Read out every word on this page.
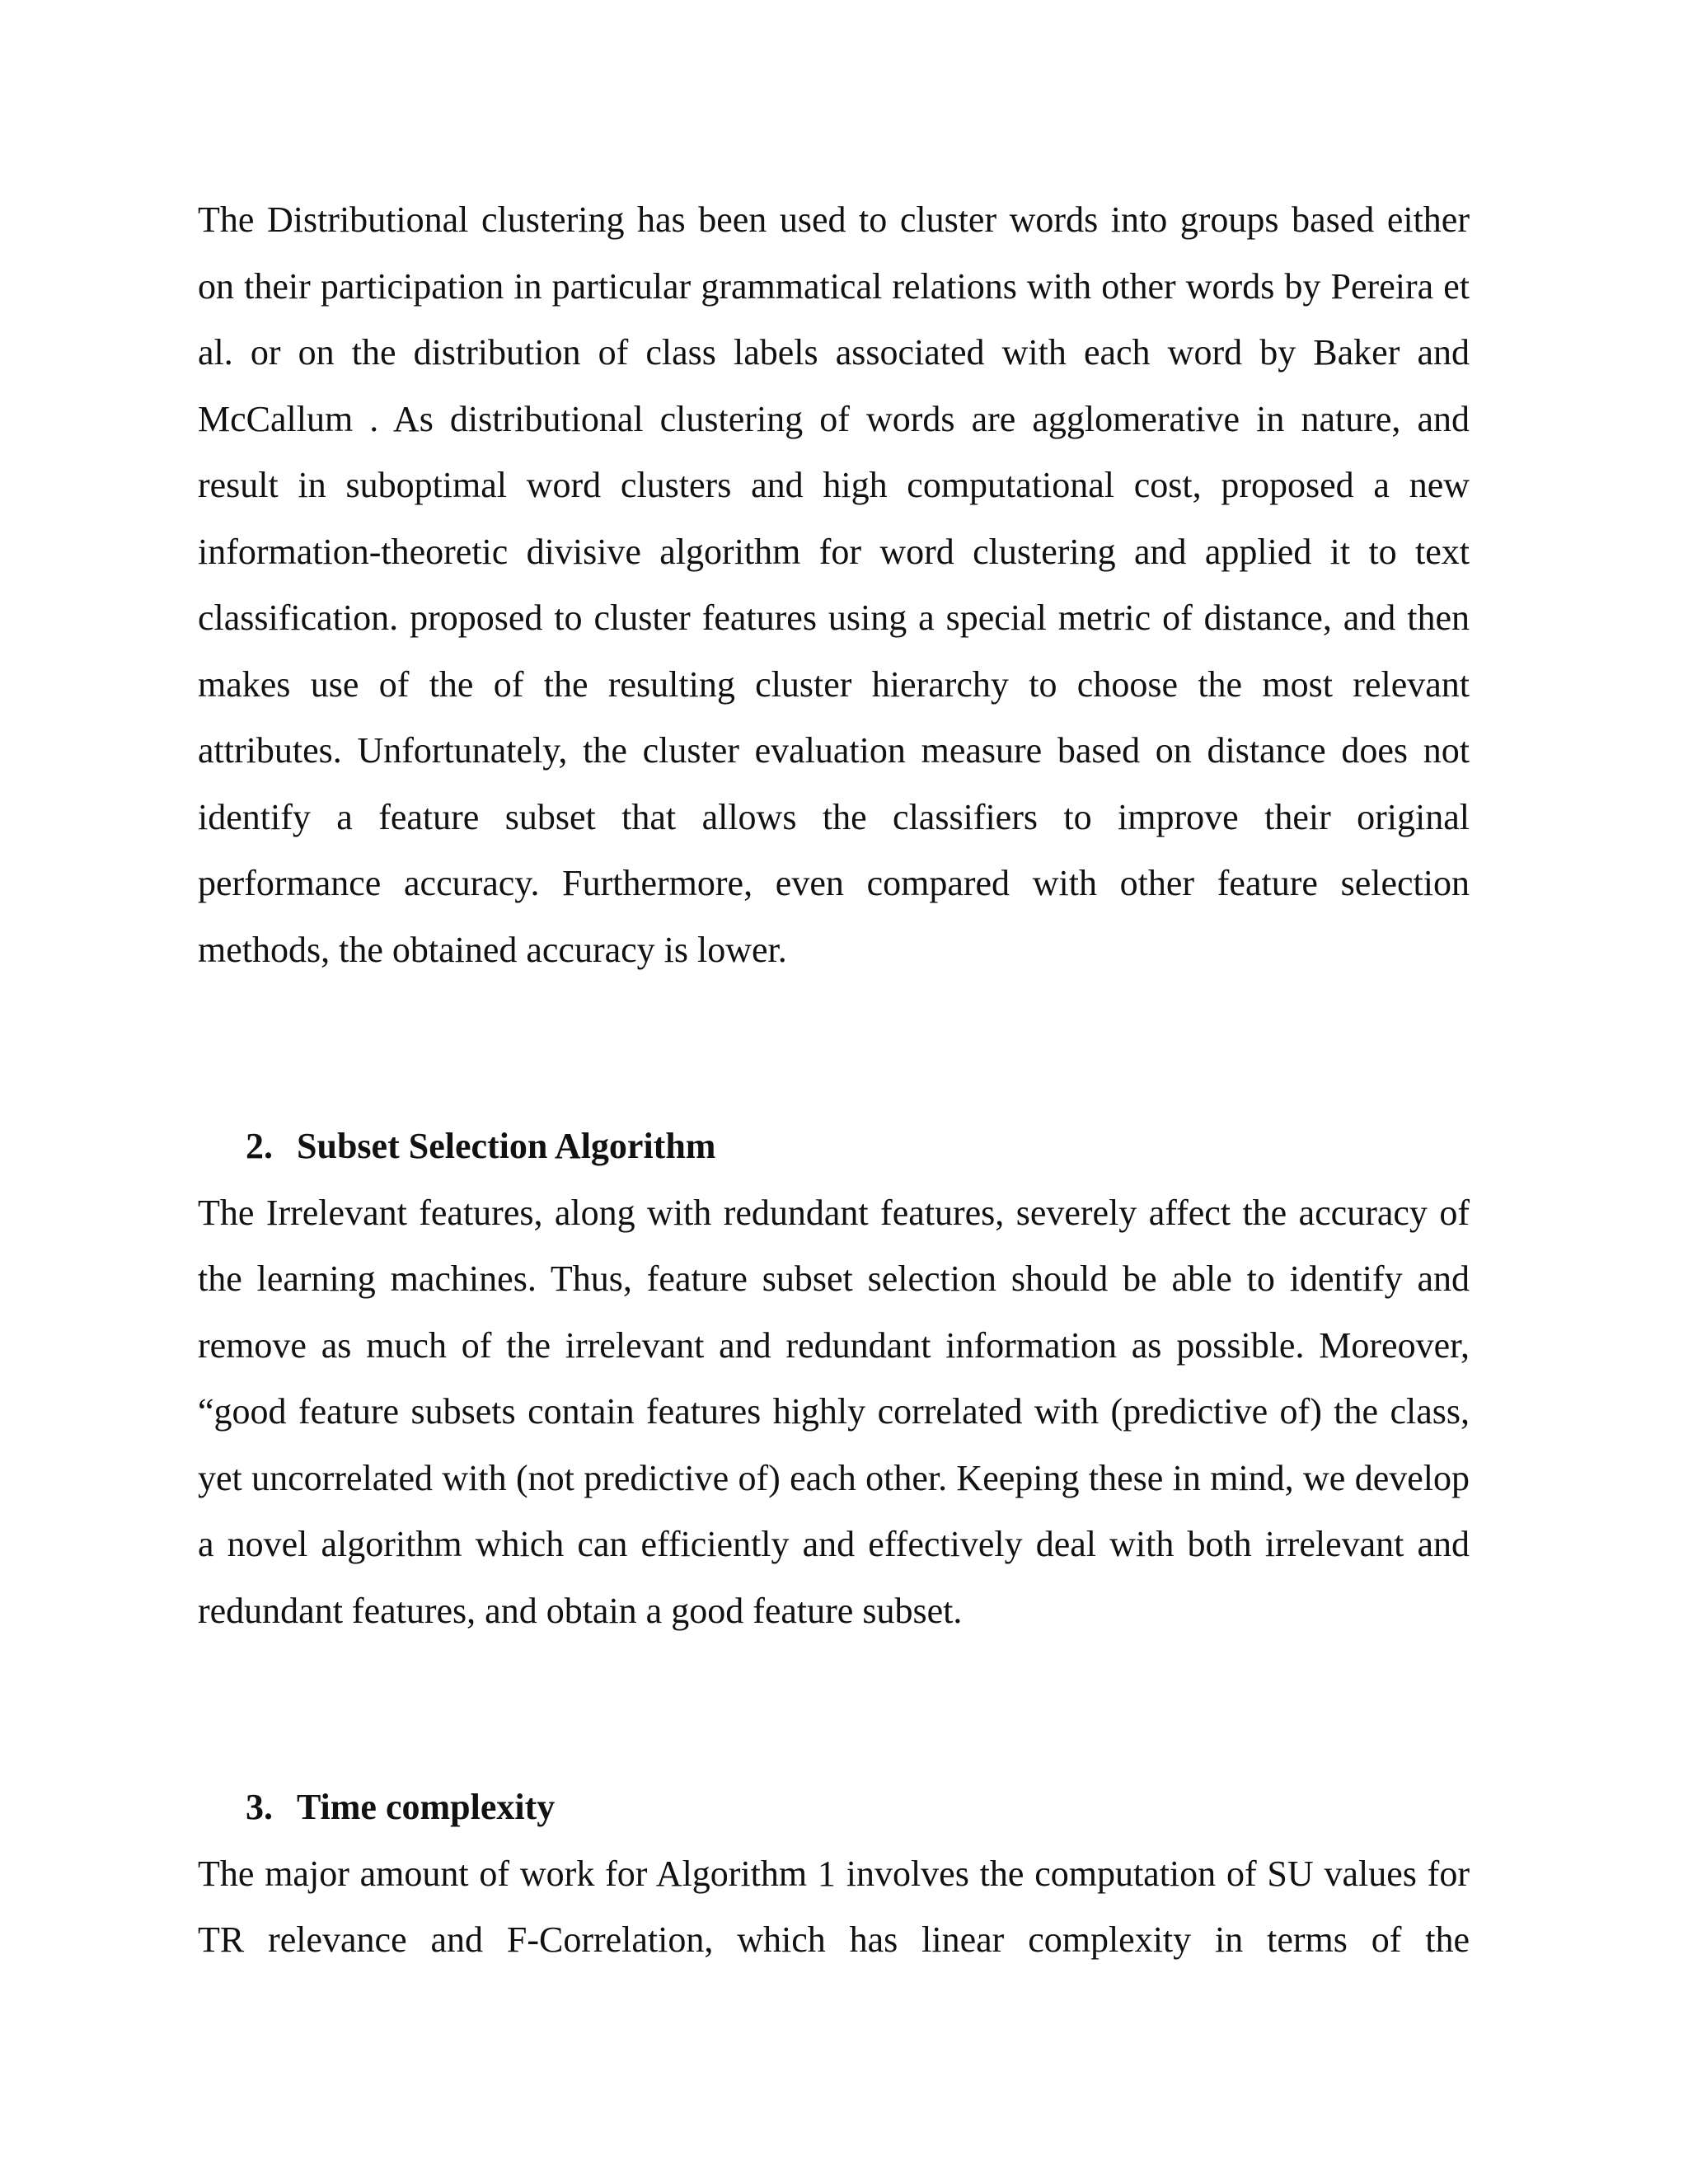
The Distributional clustering has been used to cluster words into groups based either on their participation in particular grammatical relations with other words by Pereira et al. or on the distribution of class labels associated with each word by Baker and McCallum . As distributional clustering of words are agglomerative in nature, and result in suboptimal word clusters and high computational cost, proposed a new information-theoretic divisive algorithm for word clustering and applied it to text classification. proposed to cluster features using a special metric of distance, and then makes use of the of the resulting cluster hierarchy to choose the most relevant attributes. Unfortunately, the cluster evaluation measure based on distance does not identify a feature subset that allows the classifiers to improve their original performance accuracy. Furthermore, even compared with other feature selection methods, the obtained accuracy is lower.

2. Subset Selection Algorithm

The Irrelevant features, along with redundant features, severely affect the accuracy of the learning machines. Thus, feature subset selection should be able to identify and remove as much of the irrelevant and redundant information as possible. Moreover, “good feature subsets contain features highly correlated with (predictive of) the class, yet uncorrelated with (not predictive of) each other. Keeping these in mind, we develop a novel algorithm which can efficiently and effectively deal with both irrelevant and redundant features, and obtain a good feature subset.

3. Time complexity

The major amount of work for Algorithm 1 involves the computation of SU values for TR relevance and F-Correlation, which has linear complexity in terms of the
